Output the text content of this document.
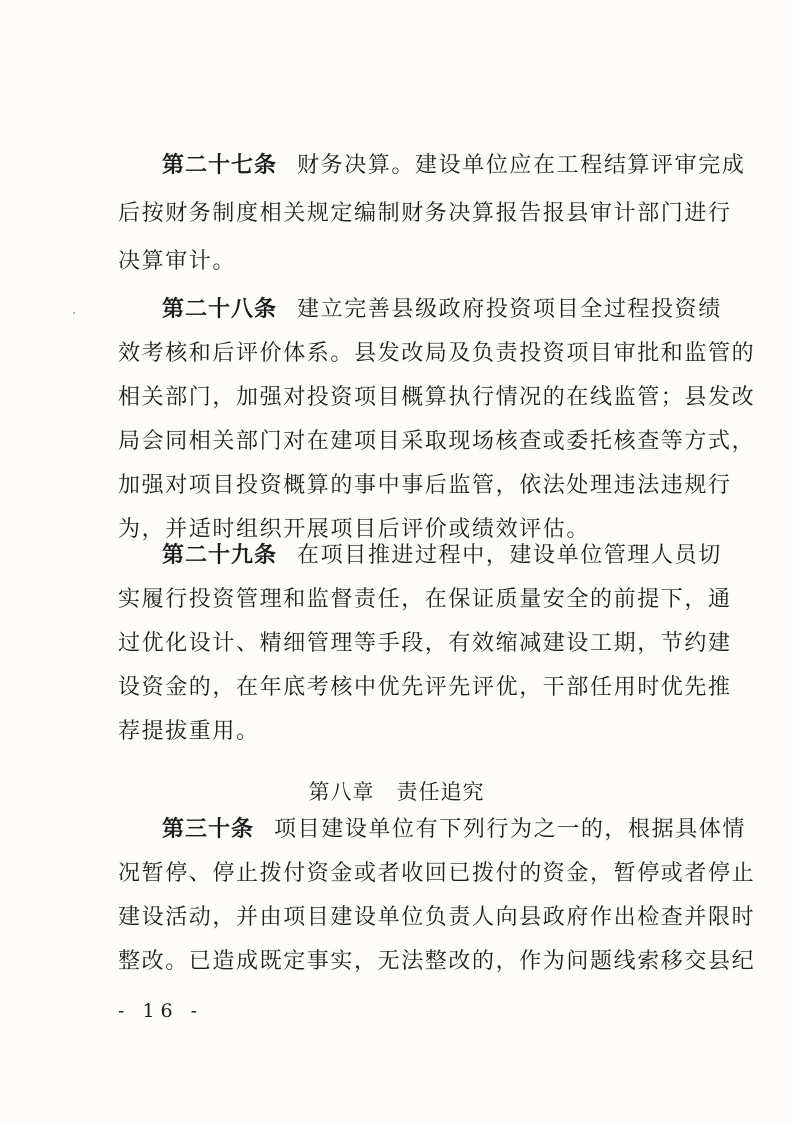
第二十七条 财务决算。建设单位应在工程结算评审完成
后按财务制度相关规定编制财务决算报告报县审计部门进行
决算审计。
第二十八条 建立完善县级政府投资项目全过程投资绩
效考核和后评价体系。县发改局及负责投资项目审批和监管的
相关部门，加强对投资项目概算执行情况的在线监管；县发改
局会同相关部门对在建项目采取现场核查或委托核查等方式，
加强对项目投资概算的事中事后监管，依法处理违法违规行
为，并适时组织开展项目后评价或绩效评估。
第二十九条 在项目推进过程中，建设单位管理人员切
实履行投资管理和监督责任，在保证质量安全的前提下，通
过优化设计、精细管理等手段，有效缩减建设工期，节约建
设资金的，在年底考核中优先评先评优，干部任用时优先推
荐提拔重用。
第八章 责任追究
第三十条 项目建设单位有下列行为之一的，根据具体情
况暂停、停止拨付资金或者收回已拨付的资金，暂停或者停止
建设活动，并由项目建设单位负责人向县政府作出检查并限时
整改。已造成既定事实，无法整改的，作为问题线索移交县纪
- 16 -
